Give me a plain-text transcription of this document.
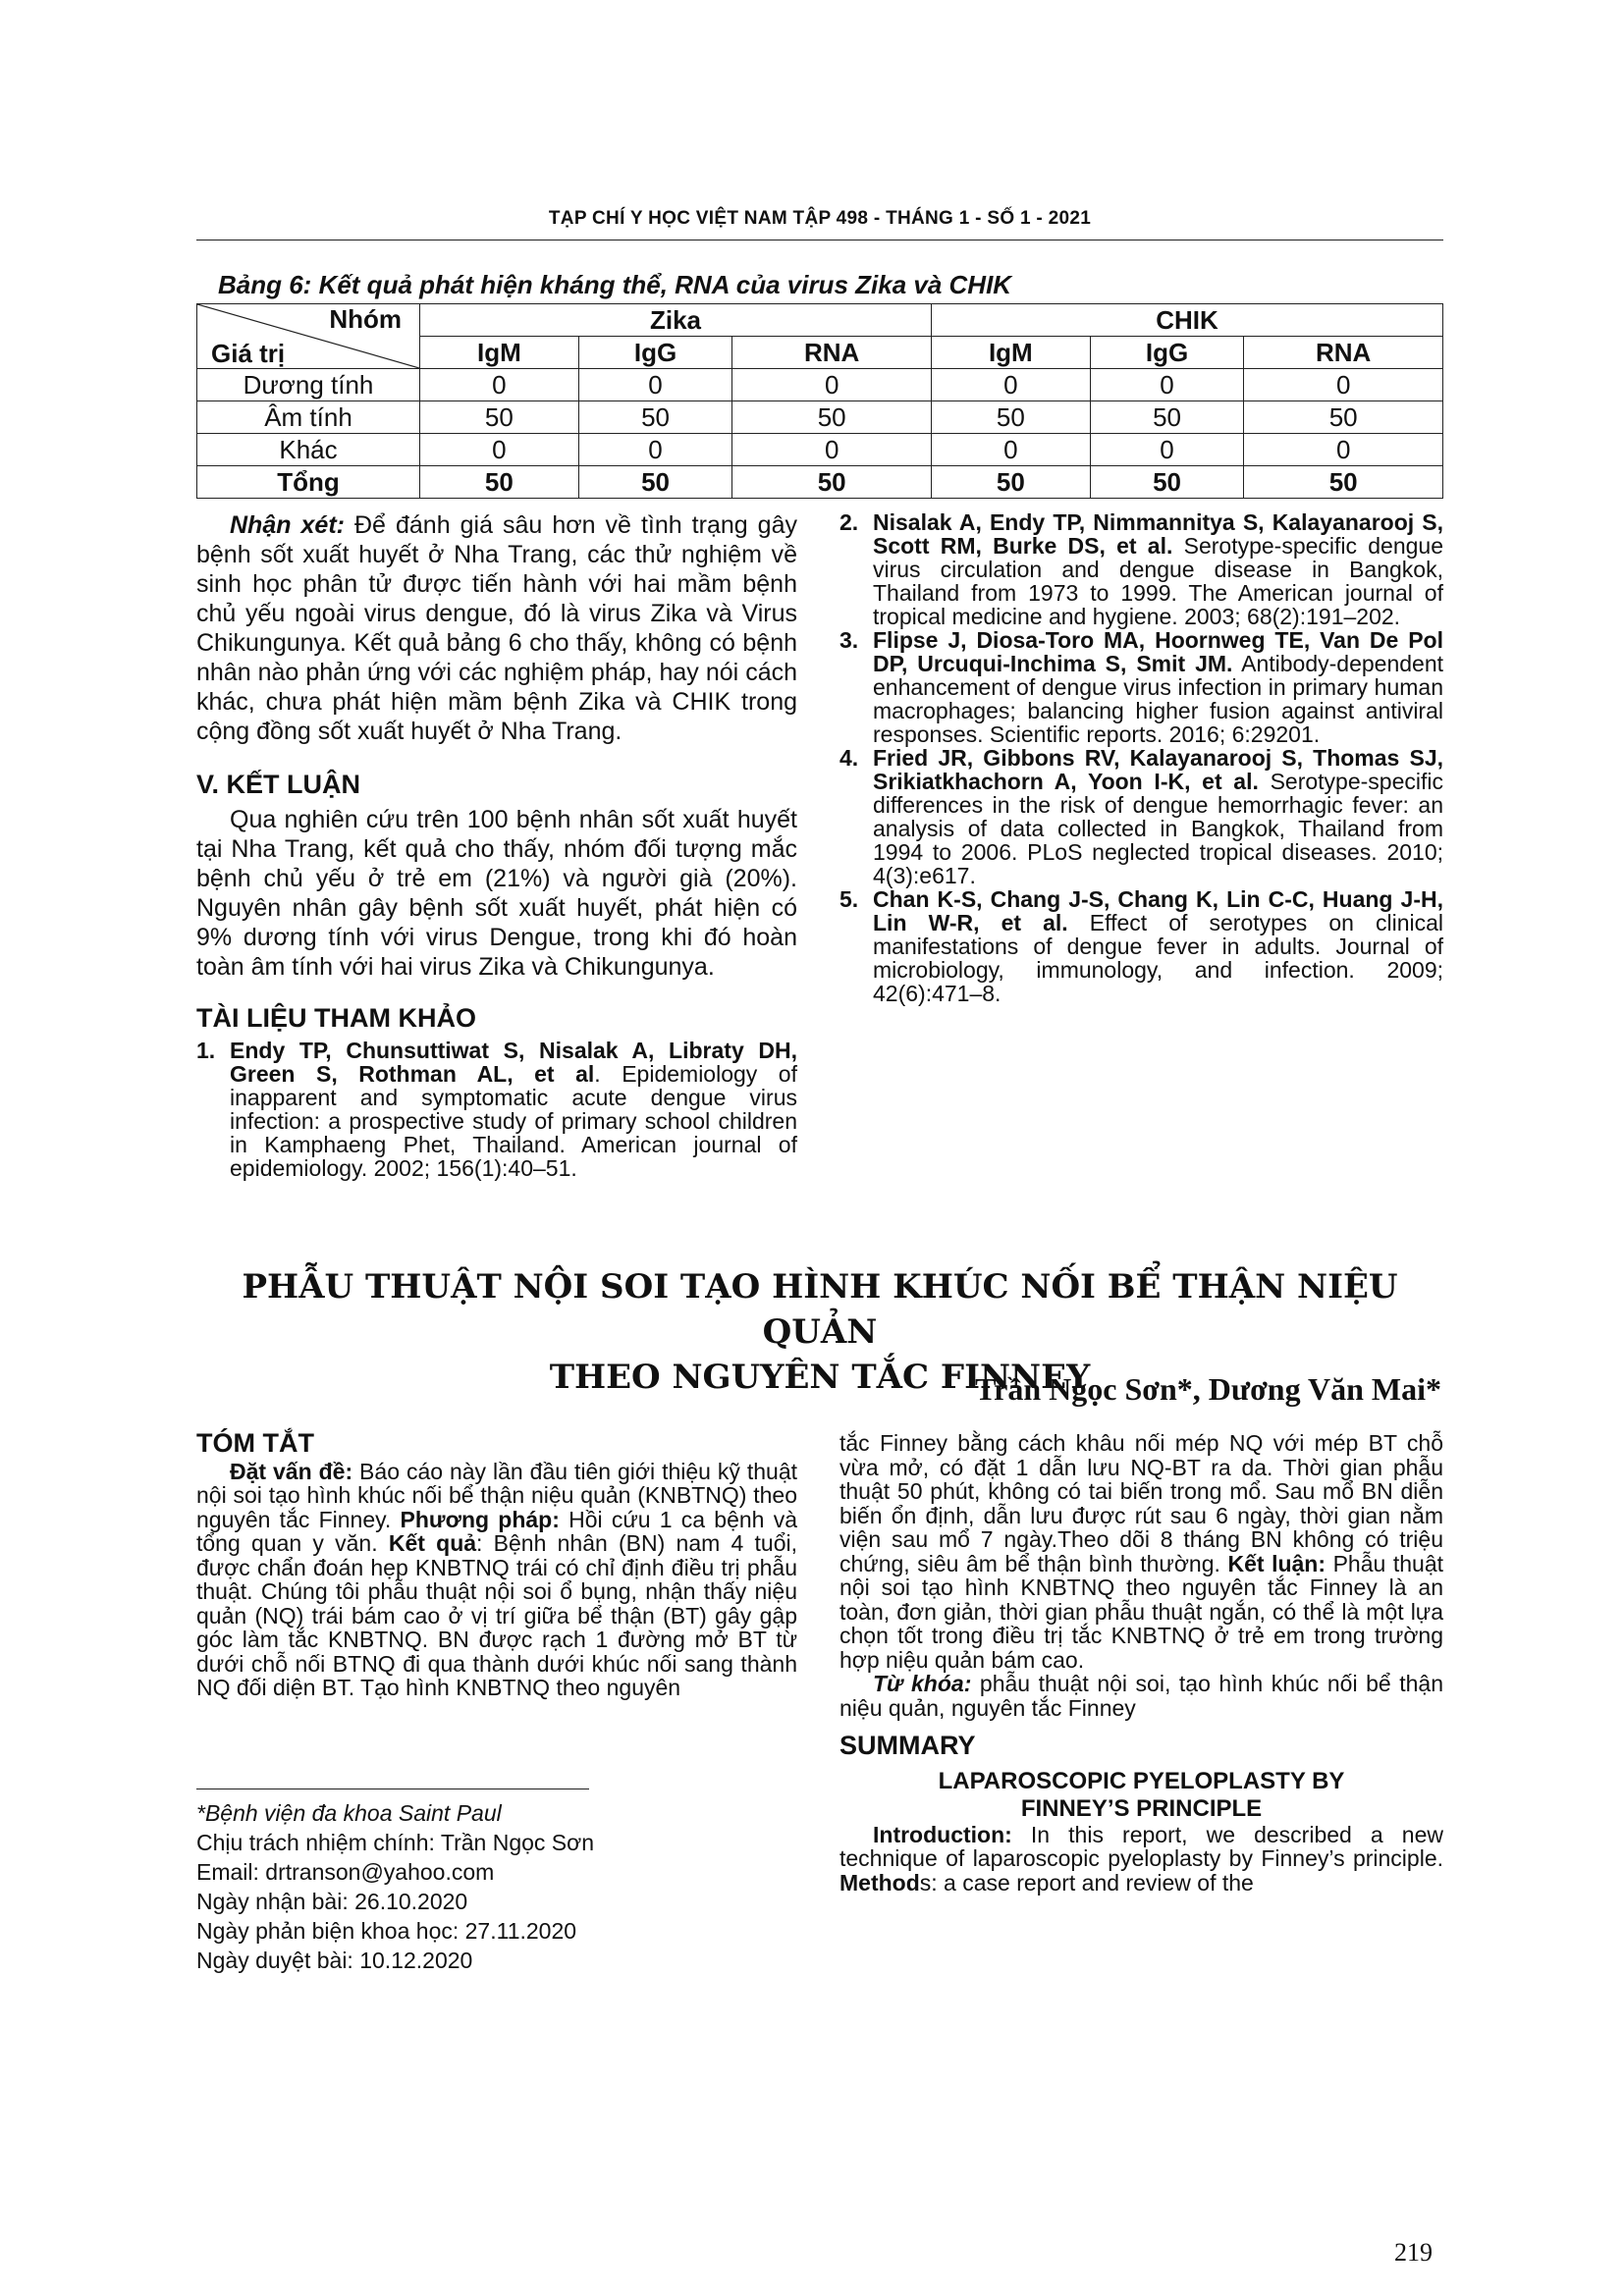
TẠP CHÍ Y HỌC VIỆT NAM TẬP 498 - THÁNG 1 - SỐ 1 - 2021
Bảng 6: Kết quả phát hiện kháng thể, RNA của virus Zika và CHIK
Nhóm
Giá trị	Zika			CHIK		
	IgM	IgG	RNA	IgM	IgG	RNA
Dương tính	0	0	0	0	0	0
Âm tính	50	50	50	50	50	50
Khác	0	0	0	0	0	0
Tổng	50	50	50	50	50	50

Nhận xét: Để đánh giá sâu hơn về tình trạng gây bệnh sốt xuất huyết ở Nha Trang, các thử nghiệm về sinh học phân tử được tiến hành với hai mầm bệnh chủ yếu ngoài virus dengue, đó là virus Zika và Virus Chikungunya. Kết quả bảng 6 cho thấy, không có bệnh nhân nào phản ứng với các nghiệm pháp, hay nói cách khác, chưa phát hiện mầm bệnh Zika và CHIK trong cộng đồng sốt xuất huyết ở Nha Trang.

V. KẾT LUẬN

Qua nghiên cứu trên 100 bệnh nhân sốt xuất huyết tại Nha Trang, kết quả cho thấy, nhóm đối tượng mắc bệnh chủ yếu ở trẻ em (21%) và người già (20%). Nguyên nhân gây bệnh sốt xuất huyết, phát hiện có 9% dương tính với virus Dengue, trong khi đó hoàn toàn âm tính với hai virus Zika và Chikungunya.

TÀI LIỆU THAM KHẢO
1. Endy TP, Chunsuttiwat S, Nisalak A, Libraty DH, Green S, Rothman AL, et al. Epidemiology of inapparent and symptomatic acute dengue virus infection: a prospective study of primary school children in Kamphaeng Phet, Thailand. American journal of epidemiology. 2002; 156(1):40–51.
2. Nisalak A, Endy TP, Nimmannitya S, Kalayanarooj S, Scott RM, Burke DS, et al. Serotype-specific dengue virus circulation and dengue disease in Bangkok, Thailand from 1973 to 1999. The American journal of tropical medicine and hygiene. 2003; 68(2):191–202.
3. Flipse J, Diosa-Toro MA, Hoornweg TE, Van De Pol DP, Urcuqui-Inchima S, Smit JM. Antibody-dependent enhancement of dengue virus infection in primary human macrophages; balancing higher fusion against antiviral responses. Scientific reports. 2016; 6:29201.
4. Fried JR, Gibbons RV, Kalayanarooj S, Thomas SJ, Srikiatkhachorn A, Yoon I-K, et al. Serotype-specific differences in the risk of dengue hemorrhagic fever: an analysis of data collected in Bangkok, Thailand from 1994 to 2006. PLoS neglected tropical diseases. 2010; 4(3):e617.
5. Chan K-S, Chang J-S, Chang K, Lin C-C, Huang J-H, Lin W-R, et al. Effect of serotypes on clinical manifestations of dengue fever in adults. Journal of microbiology, immunology, and infection. 2009; 42(6):471–8.
PHẪU THUẬT NỘI SOI TẠO HÌNH KHÚC NỐI BỂ THẬN NIỆU QUẢN
THEO NGUYÊN TẮC FINNEY
Trần Ngọc Sơn*, Dương Văn Mai*
TÓM TẮT

Đặt vấn đề: Báo cáo này lần đầu tiên giới thiệu kỹ thuật nội soi tạo hình khúc nối bể thận niệu quản (KNBTNQ) theo nguyên tắc Finney. Phương pháp: Hồi cứu 1 ca bệnh và tổng quan y văn. Kết quả: Bệnh nhân (BN) nam 4 tuổi, được chẩn đoán hẹp KNBTNQ trái có chỉ định điều trị phẫu thuật. Chúng tôi phẫu thuật nội soi ổ bụng, nhận thấy niệu quản (NQ) trái bám cao ở vị trí giữa bể thận (BT) gây gập góc làm tắc KNBTNQ. BN được rạch 1 đường mở BT từ dưới chỗ nối BTNQ đi qua thành dưới khúc nối sang thành NQ đối diện BT. Tạo hình KNBTNQ theo nguyên

*Bệnh viện đa khoa Saint Paul
Chịu trách nhiệm chính: Trần Ngọc Sơn
Email: drtranson@yahoo.com
Ngày nhận bài: 26.10.2020
Ngày phản biện khoa học: 27.11.2020
Ngày duyệt bài: 10.12.2020

tắc Finney bằng cách khâu nối mép NQ với mép BT chỗ vừa mở, có đặt 1 dẫn lưu NQ-BT ra da. Thời gian phẫu thuật 50 phút, không có tai biến trong mổ. Sau mổ BN diễn biến ổn định, dẫn lưu được rút sau 6 ngày, thời gian nằm viện sau mổ 7 ngày.Theo dõi 8 tháng BN không có triệu chứng, siêu âm bể thận bình thường. Kết luận: Phẫu thuật nội soi tạo hình KNBTNQ theo nguyên tắc Finney là an toàn, đơn giản, thời gian phẫu thuật ngắn, có thể là một lựa chọn tốt trong điều trị tắc KNBTNQ ở trẻ em trong trường hợp niệu quản bám cao.

Từ khóa: phẫu thuật nội soi, tạo hình khúc nối bể thận niệu quản, nguyên tắc Finney

SUMMARY
LAPAROSCOPIC PYELOPLASTY BY
FINNEY’S PRINCIPLE

Introduction: In this report, we described a new technique of laparoscopic pyeloplasty by Finney’s principle. Methods: a case report and review of the

219
